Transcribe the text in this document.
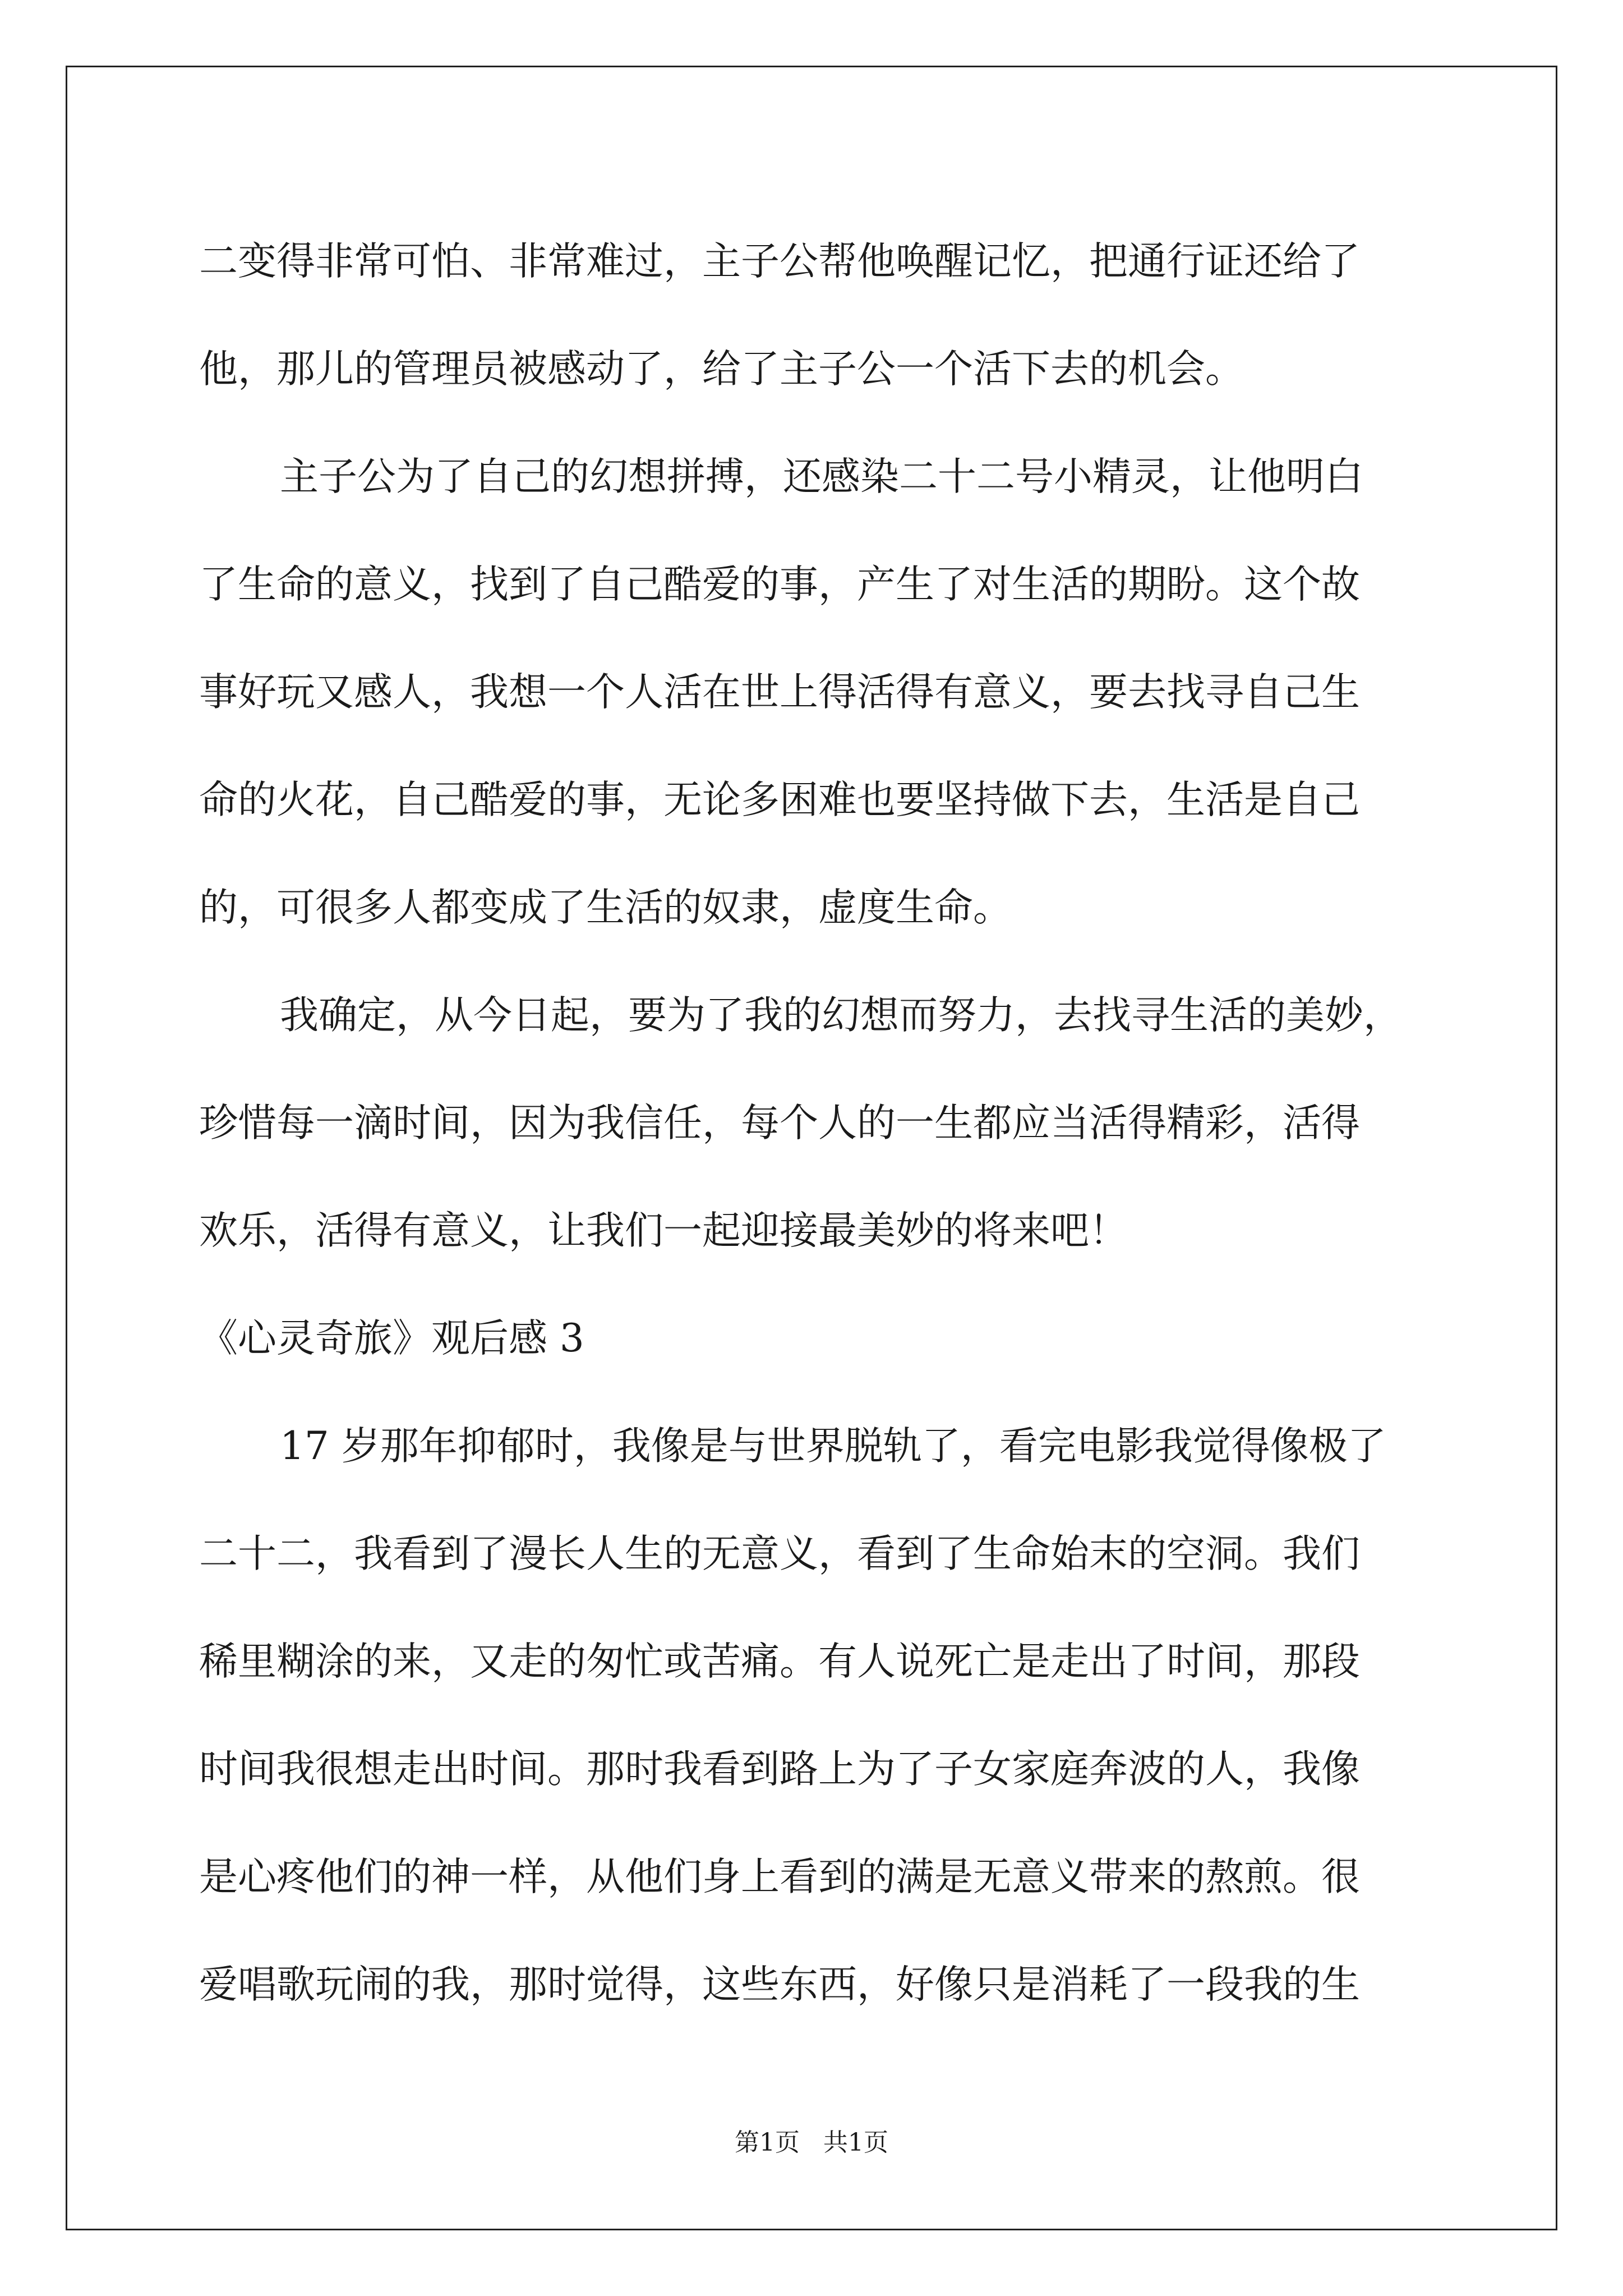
二变得非常可怕、非常难过，主子公帮他唤醒记忆，把通行证还给了
他，那儿的管理员被感动了，给了主子公一个活下去的机会。
主子公为了自己的幻想拼搏，还感染二十二号小精灵，让他明白
了生命的意义，找到了自己酷爱的事，产生了对生活的期盼。这个故
事好玩又感人，我想一个人活在世上得活得有意义，要去找寻自己生
命的火花，自己酷爱的事，无论多困难也要坚持做下去，生活是自己
的，可很多人都变成了生活的奴隶，虚度生命。
我确定，从今日起，要为了我的幻想而努力，去找寻生活的美妙，
珍惜每一滴时间，因为我信任，每个人的一生都应当活得精彩，活得
欢乐，活得有意义，让我们一起迎接最美妙的将来吧！
《心灵奇旅》观后感 3
17 岁那年抑郁时，我像是与世界脱轨了，看完电影我觉得像极了
二十二，我看到了漫长人生的无意义，看到了生命始末的空洞。我们
稀里糊涂的来，又走的匆忙或苦痛。有人说死亡是走出了时间，那段
时间我很想走出时间。那时我看到路上为了子女家庭奔波的人，我像
是心疼他们的神一样，从他们身上看到的满是无意义带来的熬煎。很
爱唱歌玩闹的我，那时觉得，这些东西，好像只是消耗了一段我的生
第1页   共1页
